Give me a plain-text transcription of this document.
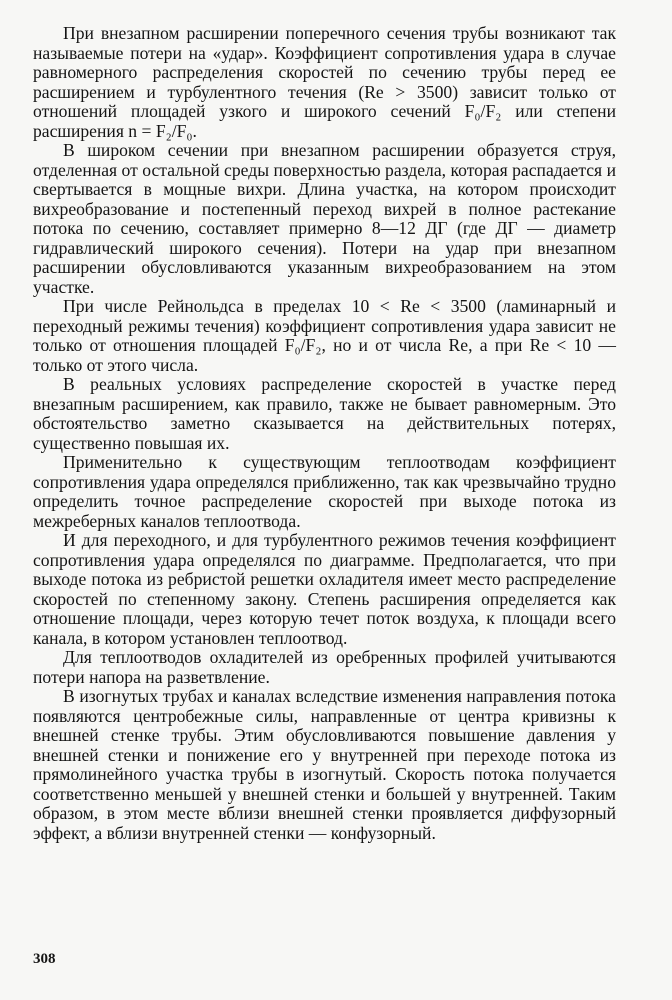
При внезапном расширении поперечного сечения трубы возникают так называемые потери на «удар». Коэффициент сопротивления удара в случае равномерного распределения скоростей по сечению трубы перед ее расширением и турбулентного течения (Re > 3500) зависит только от отношений площадей узкого и широкого сечений F₀/F₂ или степени расширения n = F₂/F₀.

В широком сечении при внезапном расширении образуется струя, отделенная от остальной среды поверхностью раздела, которая распадается и свертывается в мощные вихри. Длина участка, на котором происходит вихреобразование и постепенный переход вихрей в полное растекание потока по сечению, составляет примерно 8—12 ДГ (где ДГ — диаметр гидравлический широкого сечения). Потери на удар при внезапном расширении обусловливаются указанным вихреобразованием на этом участке.

При числе Рейнольдса в пределах 10 < Re < 3500 (ламинарный и переходный режимы течения) коэффициент сопротивления удара зависит не только от отношения площадей F₀/F₂, но и от числа Re, а при Re < 10 — только от этого числа.

В реальных условиях распределение скоростей в участке перед внезапным расширением, как правило, также не бывает равномерным. Это обстоятельство заметно сказывается на действительных потерях, существенно повышая их.

Применительно к существующим теплоотводам коэффициент сопротивления удара определялся приближенно, так как чрезвычайно трудно определить точное распределение скоростей при выходе потока из межреберных каналов теплоотвода.

И для переходного, и для турбулентного режимов течения коэффициент сопротивления удара определялся по диаграмме. Предполагается, что при выходе потока из ребристой решетки охладителя имеет место распределение скоростей по степенному закону. Степень расширения определяется как отношение площади, через которую течет поток воздуха, к площади всего канала, в котором установлен теплоотвод.

Для теплоотводов охладителей из оребренных профилей учитываются потери напора на разветвление.

В изогнутых трубах и каналах вследствие изменения направления потока появляются центробежные силы, направленные от центра кривизны к внешней стенке трубы. Этим обусловливаются повышение давления у внешней стенки и понижение его у внутренней при переходе потока из прямолинейного участка трубы в изогнутый. Скорость потока получается соответственно меньшей у внешней стенки и большей у внутренней. Таким образом, в этом месте вблизи внешней стенки проявляется диффузорный эффект, а вблизи внутренней стенки — конфузорный.

308
